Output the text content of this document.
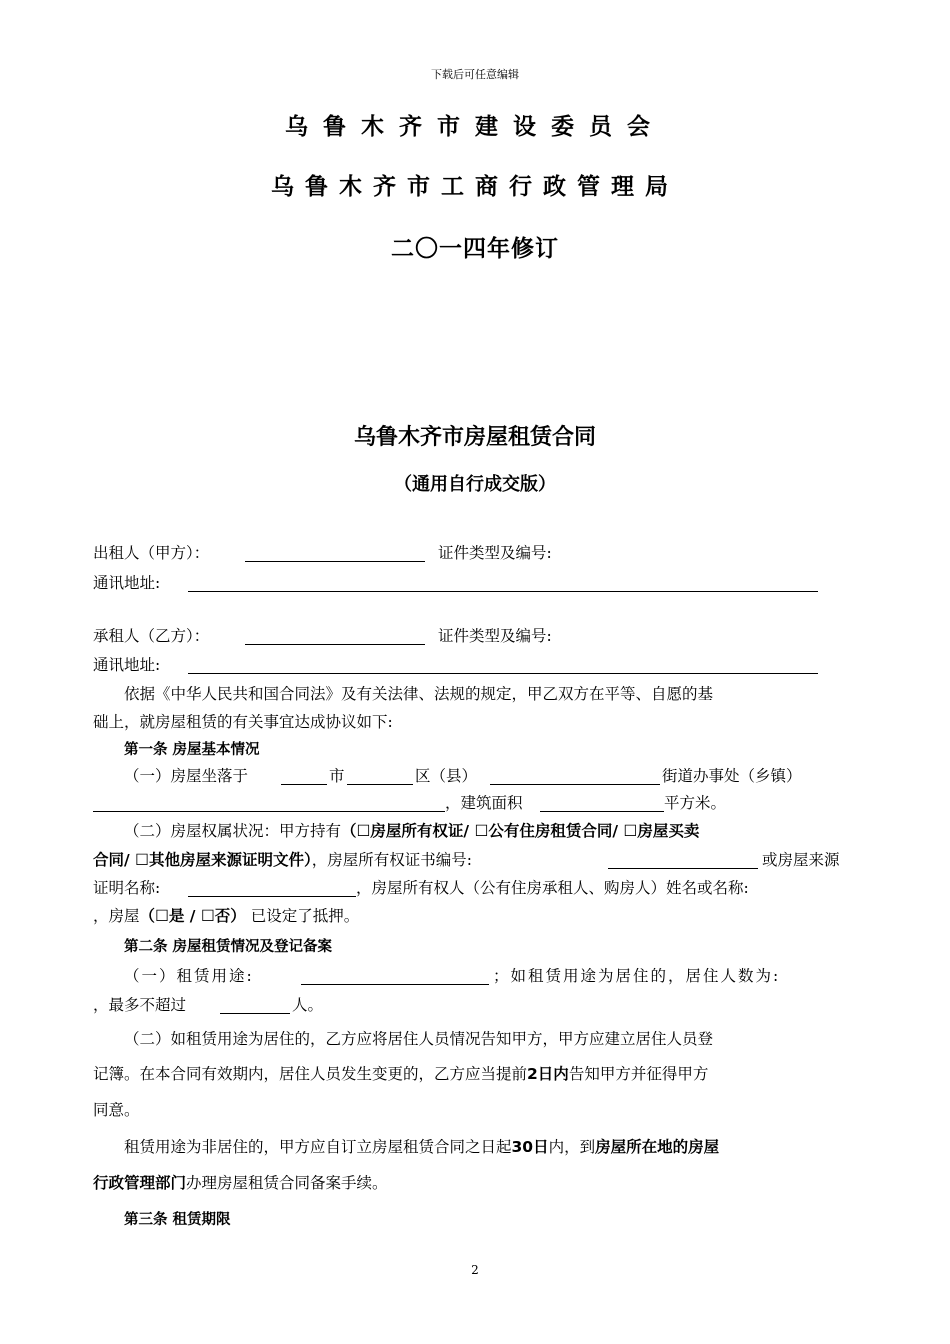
下载后可任意编辑
乌鲁木齐市建设委员会
乌鲁木齐市工商行政管理局
二〇一四年修订
乌鲁木齐市房屋租赁合同
（通用自行成交版）
出租人（甲方）：	证件类型及编号:
通讯地址:
承租人（乙方）：	证件类型及编号:
通讯地址:
依据《中华人民共和国合同法》及有关法律、法规的规定，甲乙双方在平等、自愿的基
础上，就房屋租赁的有关事宜达成协议如下:
第一条 房屋基本情况
（一）房屋坐落于	市	区（县）	街道办事处（乡镇）
，建筑面积	平方米。
（二）房屋权属状况：甲方持有（☐房屋所有权证/ ☐公有住房租赁合同/ ☐房屋买卖
合同/ ☐其他房屋来源证明文件），房屋所有权证书编号:	或房屋来源
证明名称:	，房屋所有权人（公有住房承租人、购房人）姓名或名称:
，房屋（☐是 / ☐否） 已设定了抵押。
第二条 房屋租赁情况及登记备案
（一）租赁用途:	；如租赁用途为居住的，居住人数为:
，最多不超过	人。
（二）如租赁用途为居住的，乙方应将居住人员情况告知甲方，甲方应建立居住人员登
记簿。在本合同有效期内，居住人员发生变更的，乙方应当提前2日内告知甲方并征得甲方
同意。
租赁用途为非居住的，甲方应自订立房屋租赁合同之日起30日内，到房屋所在地的房屋
行政管理部门办理房屋租赁合同备案手续。
第三条 租赁期限
2
